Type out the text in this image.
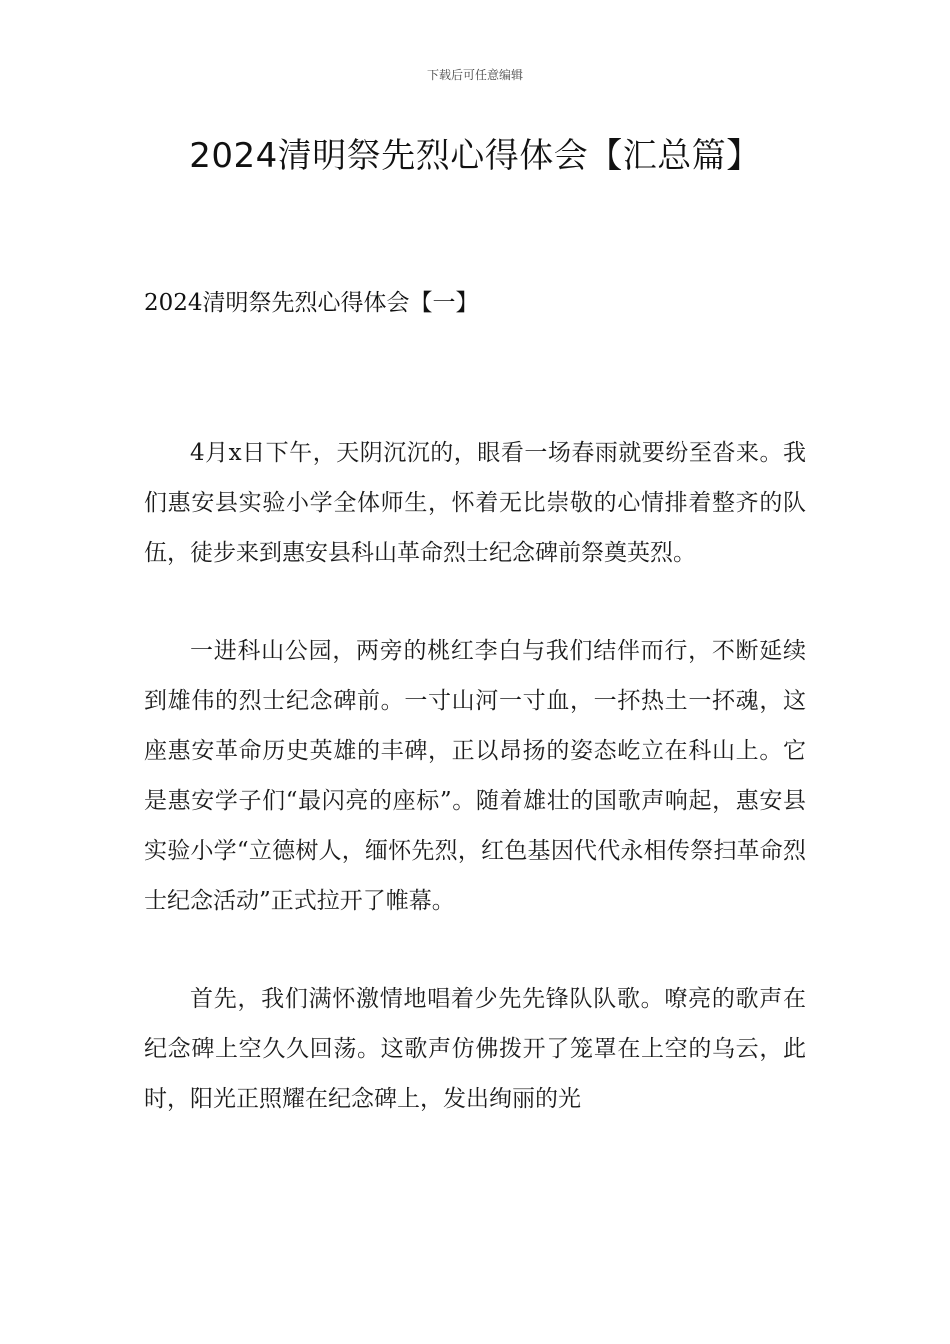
下载后可任意编辑
2024清明祭先烈心得体会【汇总篇】
2024清明祭先烈心得体会【一】

4月x日下午，天阴沉沉的，眼看一场春雨就要纷至沓来。我们惠安县实验小学全体师生，怀着无比崇敬的心情排着整齐的队伍，徒步来到惠安县科山革命烈士纪念碑前祭奠英烈。

一进科山公园，两旁的桃红李白与我们结伴而行，不断延续到雄伟的烈士纪念碑前。一寸山河一寸血，一抔热土一抔魂，这座惠安革命历史英雄的丰碑，正以昂扬的姿态屹立在科山上。它是惠安学子们“最闪亮的座标”。随着雄壮的国歌声响起，惠安县实验小学“立德树人，缅怀先烈，红色基因代代永相传祭扫革命烈士纪念活动”正式拉开了帷幕。

首先，我们满怀激情地唱着少先先锋队队歌。嘹亮的歌声在纪念碑上空久久回荡。这歌声仿佛拨开了笼罩在上空的乌云，此时，阳光正照耀在纪念碑上，发出绚丽的光
